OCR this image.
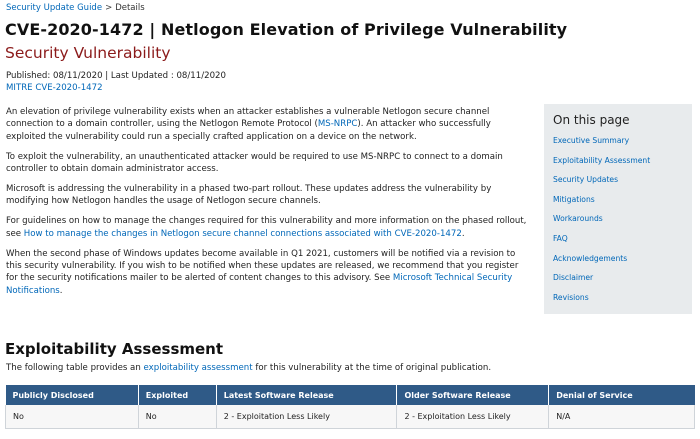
Security Update Guide > Details
CVE-2020-1472 | Netlogon Elevation of Privilege Vulnerability
Security Vulnerability
Published: 08/11/2020 | Last Updated : 08/11/2020
MITRE CVE-2020-1472

An elevation of privilege vulnerability exists when an attacker establishes a vulnerable Netlogon secure channel connection to a domain controller, using the Netlogon Remote Protocol (MS-NRPC). An attacker who successfully exploited the vulnerability could run a specially crafted application on a device on the network.

To exploit the vulnerability, an unauthenticated attacker would be required to use MS-NRPC to connect to a domain controller to obtain domain administrator access.

Microsoft is addressing the vulnerability in a phased two-part rollout. These updates address the vulnerability by modifying how Netlogon handles the usage of Netlogon secure channels.

For guidelines on how to manage the changes required for this vulnerability and more information on the phased rollout, see How to manage the changes in Netlogon secure channel connections associated with CVE-2020-1472.

When the second phase of Windows updates become available in Q1 2021, customers will be notified via a revision to this security vulnerability. If you wish to be notified when these updates are released, we recommend that you register for the security notifications mailer to be alerted of content changes to this advisory. See Microsoft Technical Security Notifications.

On this page
Executive Summary
Exploitability Assessment
Security Updates
Mitigations
Workarounds
FAQ
Acknowledgements
Disclaimer
Revisions
Exploitability Assessment
The following table provides an exploitability assessment for this vulnerability at the time of original publication.
Publicly Disclosed	Exploited	Latest Software Release	Older Software Release	Denial of Service
No	No	2 - Exploitation Less Likely	2 - Exploitation Less Likely	N/A
